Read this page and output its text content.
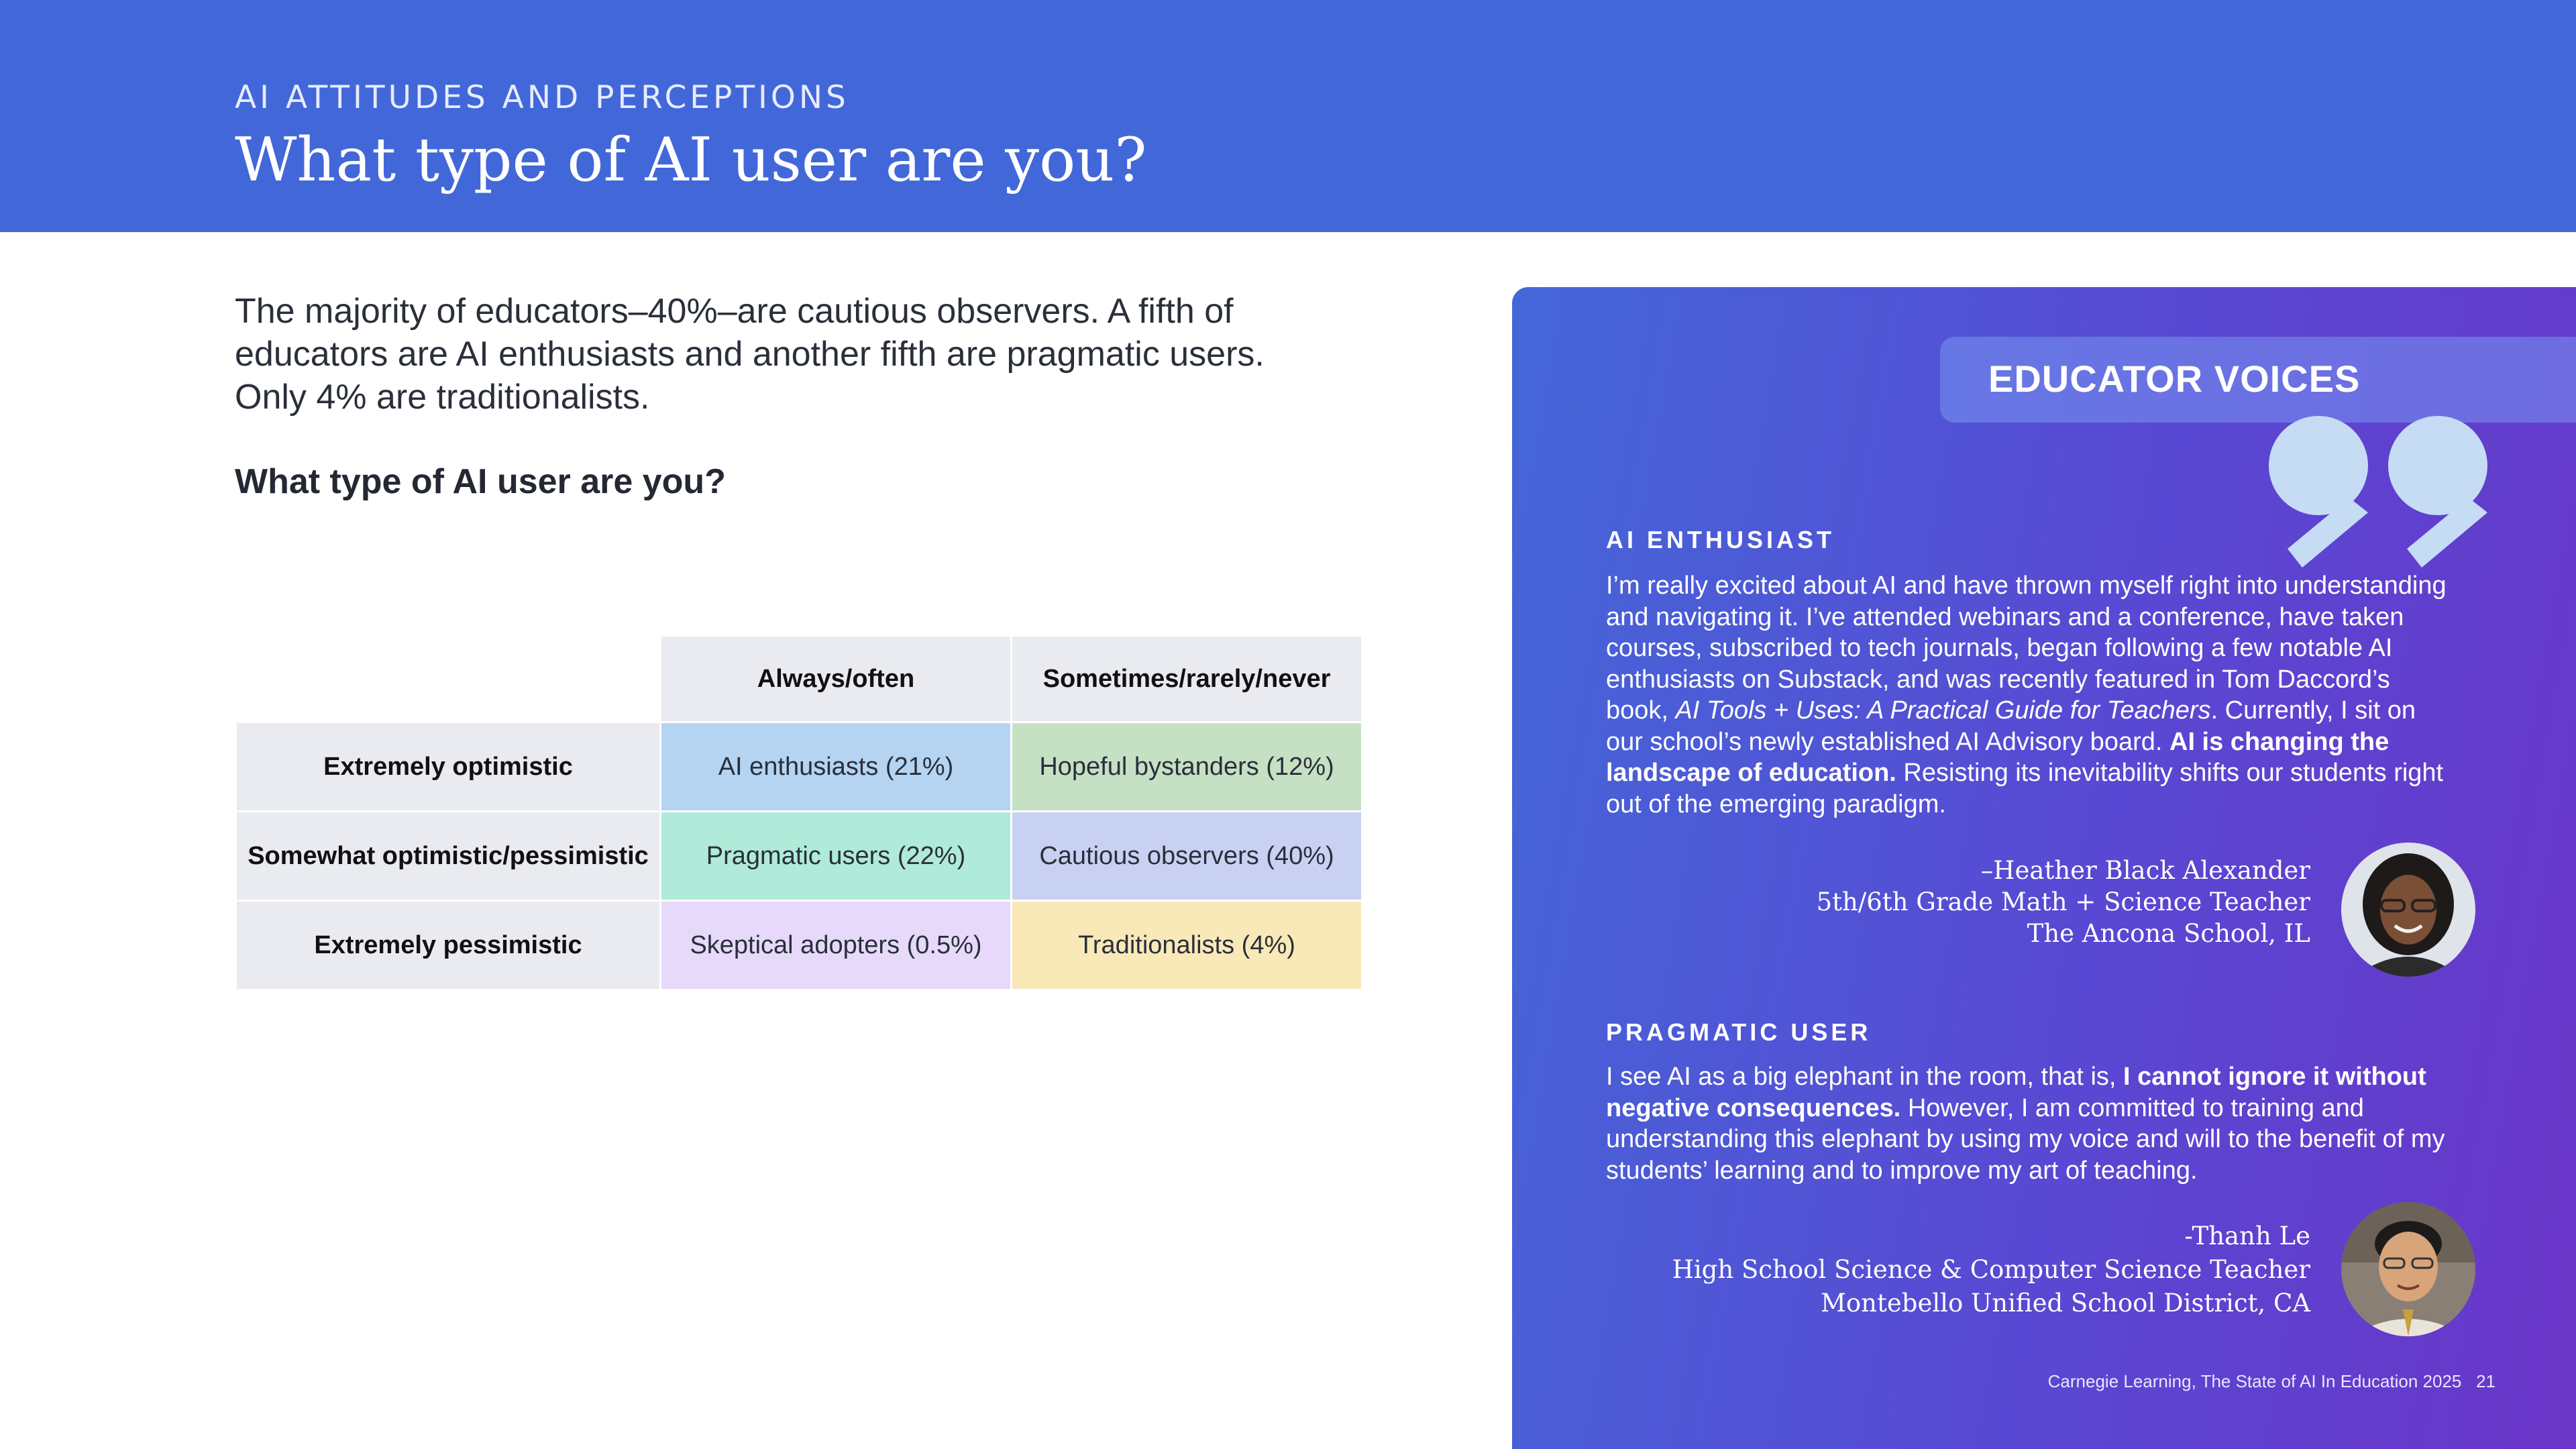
AI ATTITUDES AND PERCEPTIONS
What type of AI user are you?
The majority of educators–40%–are cautious observers. A fifth of educators are AI enthusiasts and another fifth are pragmatic users. Only 4% are traditionalists.
What type of AI user are you?
	Always/often	Sometimes/rarely/never
Extremely optimistic	AI enthusiasts (21%)	Hopeful bystanders (12%)
Somewhat optimistic/pessimistic	Pragmatic users (22%)	Cautious observers (40%)
Extremely pessimistic	Skeptical adopters (0.5%)	Traditionalists (4%)
EDUCATOR VOICES
AI ENTHUSIAST
I’m really excited about AI and have thrown myself right into understanding and navigating it. I’ve attended webinars and a conference, have taken courses, subscribed to tech journals, began following a few notable AI enthusiasts on Substack, and was recently featured in Tom Daccord’s book, AI Tools + Uses: A Practical Guide for Teachers. Currently, I sit on our school’s newly established AI Advisory board. AI is changing the landscape of education. Resisting its inevitability shifts our students right out of the emerging paradigm.
–Heather Black Alexander
5th/6th Grade Math + Science Teacher
The Ancona School, IL
PRAGMATIC USER
I see AI as a big elephant in the room, that is, I cannot ignore it without negative consequences. However, I am committed to training and understanding this elephant by using my voice and will to the benefit of my students’ learning and to improve my art of teaching.
-Thanh Le
High School Science & Computer Science Teacher
Montebello Unified School District, CA
Carnegie Learning, The State of AI In Education 2025 21
